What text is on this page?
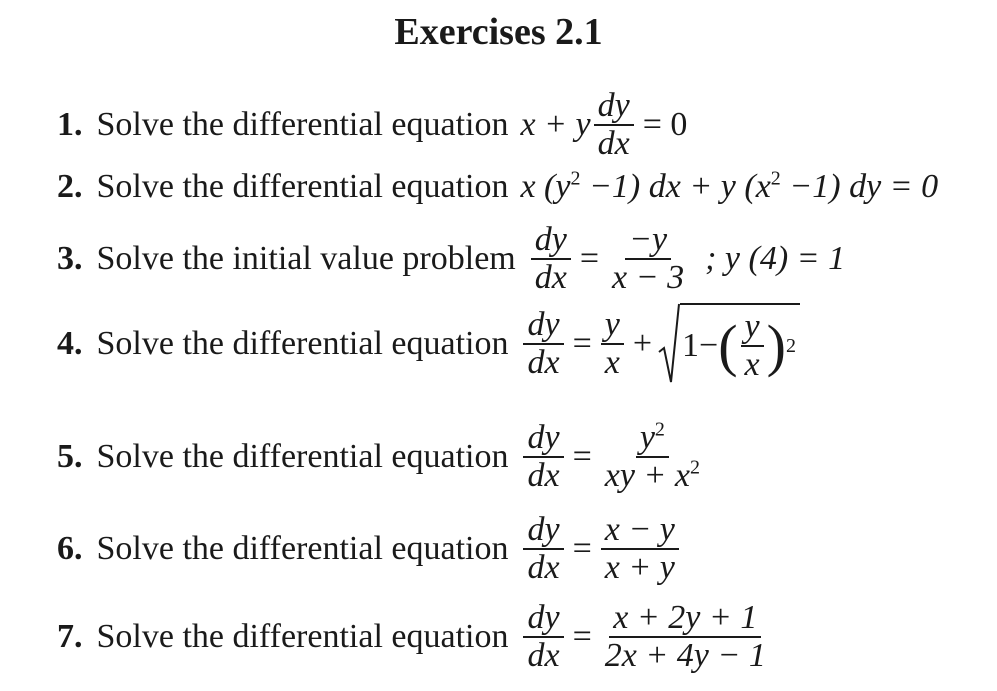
Exercises 2.1
1. Solve the differential equation x + y $\frac{dy}{dx} = 0$
2. Solve the differential equation x $(y^2 -1)$ dx + y $(x^2 -1)$ dy = 0
3. Solve the initial value problem $\frac{dy}{dx} = \frac{-y}{x - 3}$ ; y (4) = 1
4. Solve the differential equation $\frac{dy}{dx} = \frac{y}{x} + 1-$ ( $\frac{y}{x}$ ) 2
5. Solve the differential equation $\frac{dy}{dx} = \frac{y^2}{xy + x^2}$
6. Solve the differential equation $\frac{dy}{dx} = \frac{x - y}{x + y}$
7. Solve the differential equation $\frac{dy}{dx} = \frac{x + 2y + 1}{2x + 4y - 1}$
